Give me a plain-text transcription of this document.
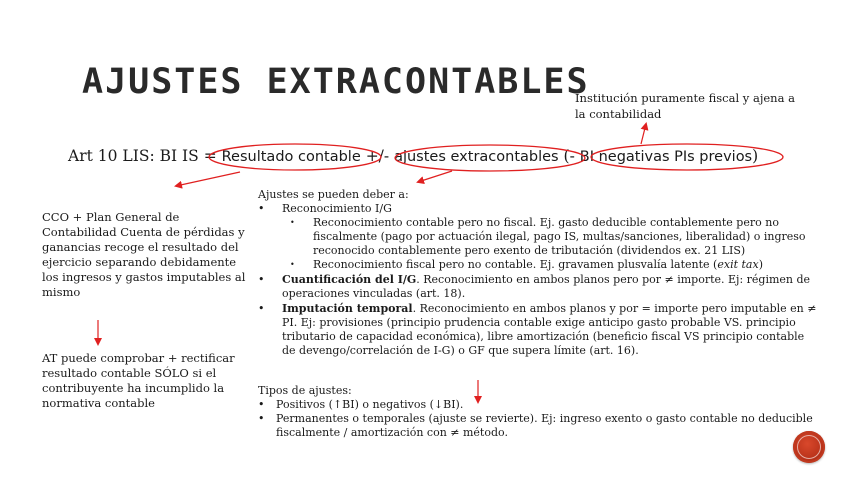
AJUSTES EXTRACONTABLES
Institución puramente fiscal y ajena a la contabilidad
Art 10 LIS: BI IS = Resultado contable +/- ajustes extracontables (- BI negativas PIs previos)
CCO + Plan General de Contabilidad Cuenta de pérdidas y ganancias recoge el resultado del ejercicio separando debidamente los ingresos y gastos imputables al mismo
AT puede comprobar + rectificar resultado contable SÓLO si el contribuyente ha incumplido la normativa contable
Ajustes se pueden deber a:
• Reconocimiento I/G
• Reconocimiento contable pero no fiscal. Ej. gasto deducible contablemente pero no fiscalmente (pago por actuación ilegal, pago IS, multas/sanciones, liberalidad) o ingreso reconocido contablemente pero exento de tributación (dividendos ex. 21 LIS)
• Reconocimiento fiscal pero no contable. Ej. gravamen plusvalía latente (exit tax)
• Cuantificación del I/G. Reconocimiento en ambos planos pero por ≠ importe. Ej: régimen de operaciones vinculadas (art. 18).
• Imputación temporal. Reconocimiento en ambos planos y por = importe pero imputable en ≠ PI. Ej: provisiones (principio prudencia contable exige anticipo gasto probable VS. principio tributario de capacidad económica), libre amortización (beneficio fiscal VS principio contable de devengo/correlación de I-G) o GF que supera límite (art. 16).
Tipos de ajustes:
• Positivos (↑BI) o negativos (↓BI).
• Permanentes o temporales (ajuste se revierte). Ej: ingreso exento o gasto contable no deducible fiscalmente / amortización con ≠ método.
